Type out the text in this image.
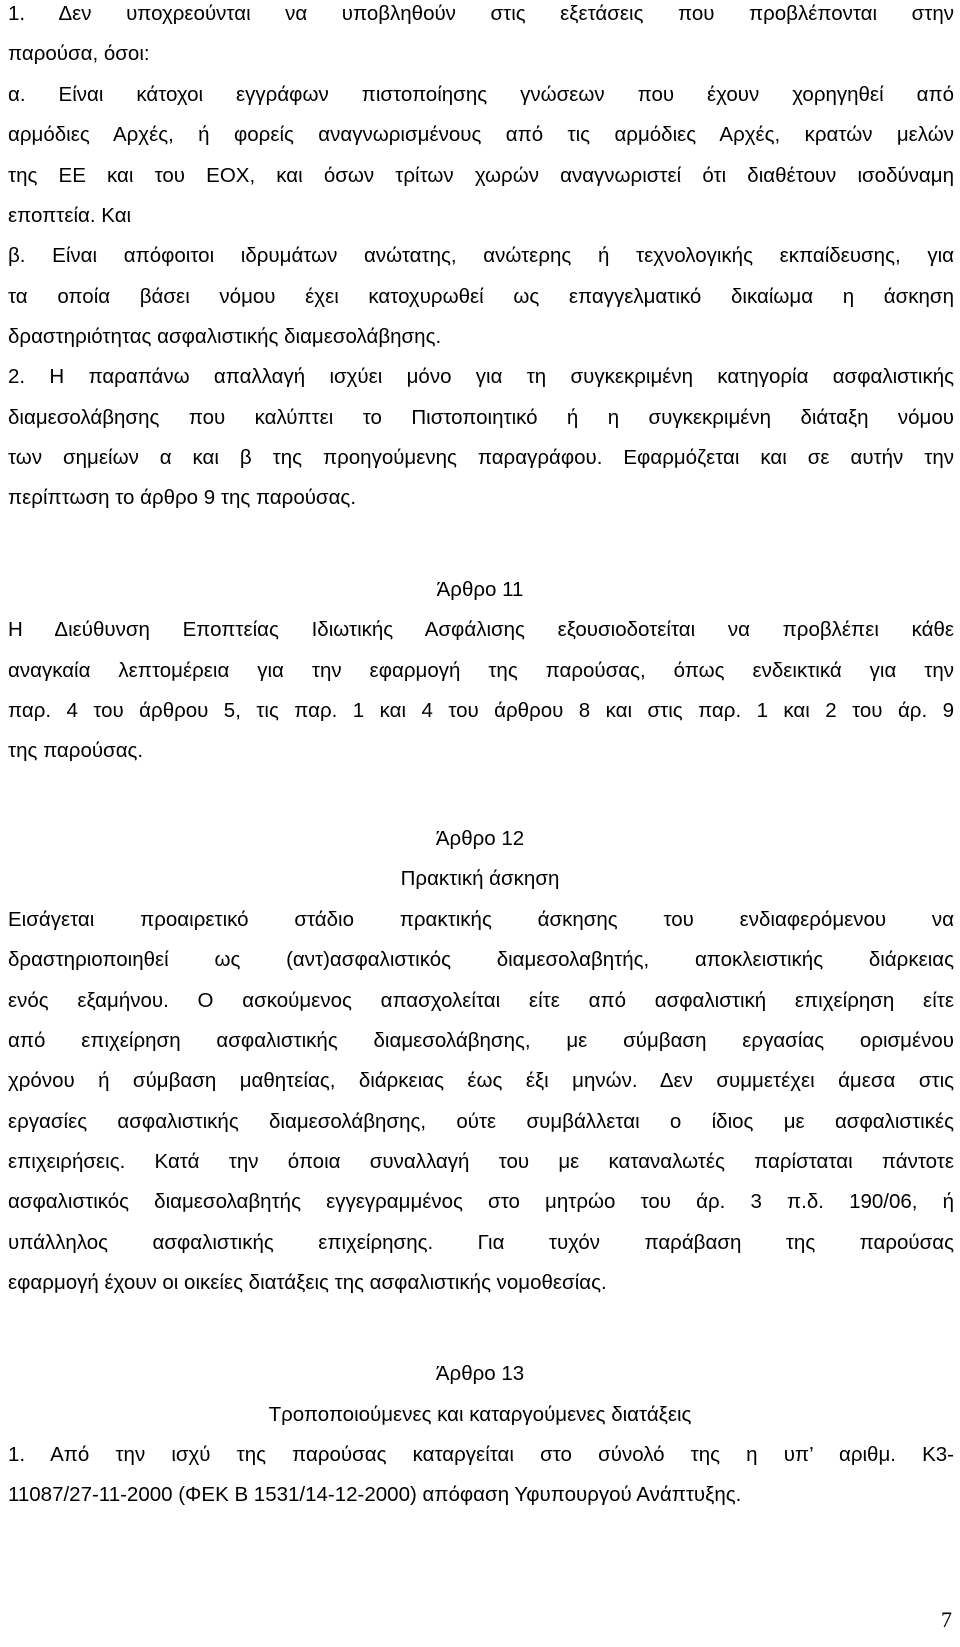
1. Δεν υποχρεούνται να υποβληθούν στις εξετάσεις που προβλέπονται στην
παρούσα, όσοι:
α. Είναι κάτοχοι εγγράφων πιστοποίησης γνώσεων που έχουν χορηγηθεί από
αρμόδιες Αρχές, ή φορείς αναγνωρισμένους από τις αρμόδιες Αρχές, κρατών μελών
της ΕΕ και του ΕΟΧ, και όσων τρίτων χωρών αναγνωριστεί ότι διαθέτουν ισοδύναμη
εποπτεία. Και
β. Είναι απόφοιτοι ιδρυμάτων ανώτατης, ανώτερης ή τεχνολογικής εκπαίδευσης, για
τα οποία βάσει νόμου έχει κατοχυρωθεί ως επαγγελματικό δικαίωμα η άσκηση
δραστηριότητας ασφαλιστικής διαμεσολάβησης.
2. Η παραπάνω απαλλαγή ισχύει μόνο για τη συγκεκριμένη κατηγορία ασφαλιστικής
διαμεσολάβησης που καλύπτει το Πιστοποιητικό ή η συγκεκριμένη διάταξη νόμου
των σημείων α και β της προηγούμενης παραγράφου. Εφαρμόζεται και σε αυτήν την
περίπτωση το άρθρο 9 της παρούσας.
Άρθρο 11
Η Διεύθυνση Εποπτείας Ιδιωτικής Ασφάλισης εξουσιοδοτείται να προβλέπει κάθε
αναγκαία λεπτομέρεια για την εφαρμογή της παρούσας, όπως ενδεικτικά για την
παρ. 4 του άρθρου 5, τις παρ. 1 και 4 του άρθρου 8 και στις παρ. 1 και 2 του άρ. 9
της παρούσας.
Άρθρο 12
Πρακτική άσκηση
Εισάγεται προαιρετικό στάδιο πρακτικής άσκησης του ενδιαφερόμενου να
δραστηριοποιηθεί ως (αντ)ασφαλιστικός διαμεσολαβητής, αποκλειστικής διάρκειας
ενός εξαμήνου. Ο ασκούμενος απασχολείται είτε από ασφαλιστική επιχείρηση είτε
από επιχείρηση ασφαλιστικής διαμεσολάβησης, με σύμβαση εργασίας ορισμένου
χρόνου ή σύμβαση μαθητείας, διάρκειας έως έξι μηνών. Δεν συμμετέχει άμεσα στις
εργασίες ασφαλιστικής διαμεσολάβησης, ούτε συμβάλλεται ο ίδιος με ασφαλιστικές
επιχειρήσεις. Κατά την όποια συναλλαγή του με καταναλωτές παρίσταται πάντοτε
ασφαλιστικός διαμεσολαβητής εγγεγραμμένος στο μητρώο του άρ. 3 π.δ. 190/06, ή
υπάλληλος ασφαλιστικής επιχείρησης. Για τυχόν παράβαση της παρούσας
εφαρμογή έχουν οι οικείες διατάξεις της ασφαλιστικής νομοθεσίας.
Άρθρο 13
Τροποποιούμενες και καταργούμενες διατάξεις
1. Από την ισχύ της παρούσας καταργείται στο σύνολό της η υπ’ αριθμ. Κ3-
11087/27-11-2000 (ΦΕΚ Β 1531/14-12-2000) απόφαση Υφυπουργού Ανάπτυξης.
7
